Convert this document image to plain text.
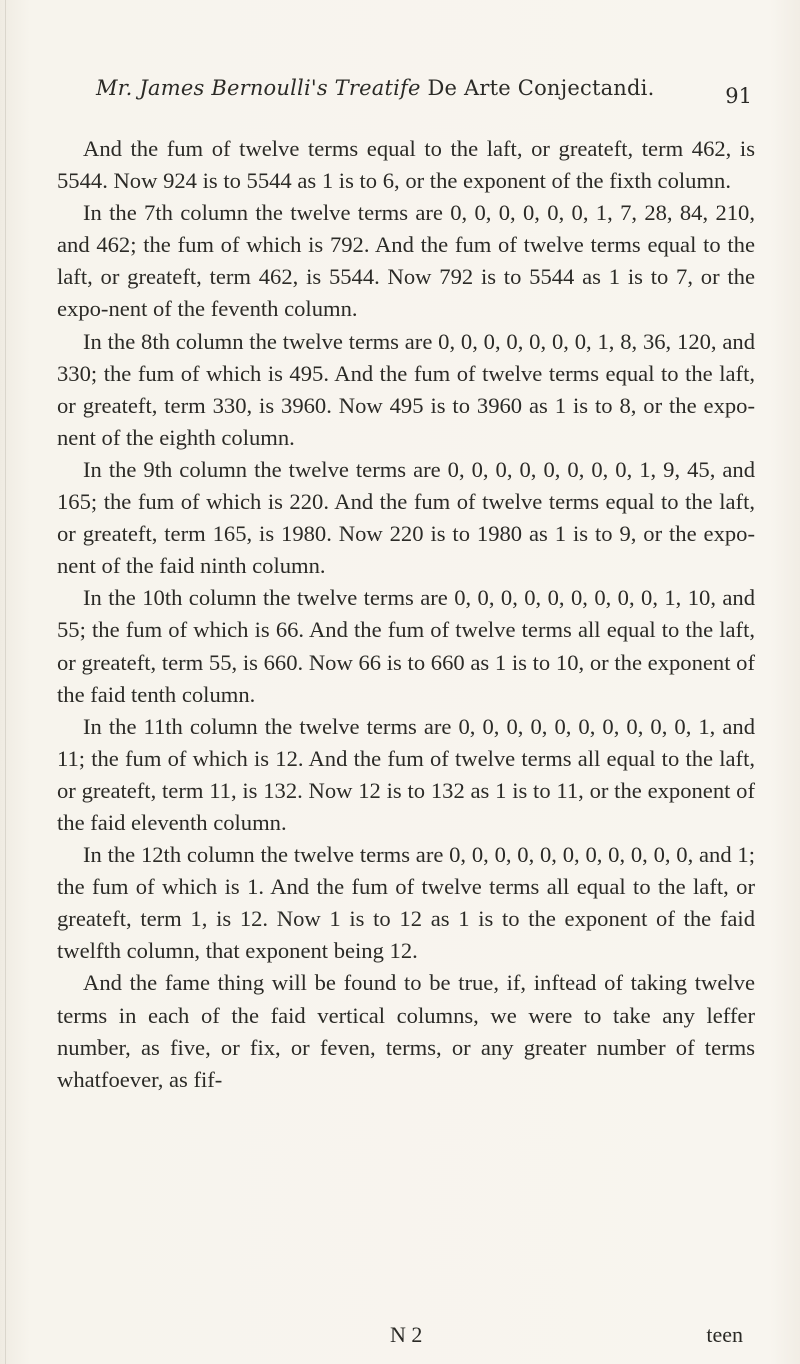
Mr. James Bernoulli's Treatife De Arte Conjectandi.	91

And the fum of twelve terms equal to the laft, or greateft, term 462, is 5544. Now 924 is to 5544 as 1 is to 6, or the exponent of the fixth column.

In the 7th column the twelve terms are 0, 0, 0, 0, 0, 0, 1, 7, 28, 84, 210, and 462; the fum of which is 792. And the fum of twelve terms equal to the laft, or greateft, term 462, is 5544. Now 792 is to 5544 as 1 is to 7, or the expo-nent of the feventh column.

In the 8th column the twelve terms are 0, 0, 0, 0, 0, 0, 0, 1, 8, 36, 120, and 330; the fum of which is 495. And the fum of twelve terms equal to the laft, or greateft, term 330, is 3960. Now 495 is to 3960 as 1 is to 8, or the expo-nent of the eighth column.

In the 9th column the twelve terms are 0, 0, 0, 0, 0, 0, 0, 0, 1, 9, 45, and 165; the fum of which is 220. And the fum of twelve terms equal to the laft, or greateft, term 165, is 1980. Now 220 is to 1980 as 1 is to 9, or the expo-nent of the faid ninth column.

In the 10th column the twelve terms are 0, 0, 0, 0, 0, 0, 0, 0, 0, 1, 10, and 55; the fum of which is 66. And the fum of twelve terms all equal to the laft, or greateft, term 55, is 660. Now 66 is to 660 as 1 is to 10, or the exponent of the faid tenth column.

In the 11th column the twelve terms are 0, 0, 0, 0, 0, 0, 0, 0, 0, 0, 1, and 11; the fum of which is 12. And the fum of twelve terms all equal to the laft, or greateft, term 11, is 132. Now 12 is to 132 as 1 is to 11, or the exponent of the faid eleventh column.

In the 12th column the twelve terms are 0, 0, 0, 0, 0, 0, 0, 0, 0, 0, 0, and 1; the fum of which is 1. And the fum of twelve terms all equal to the laft, or greateft, term 1, is 12. Now 1 is to 12 as 1 is to the exponent of the faid twelfth column, that exponent being 12.

And the fame thing will be found to be true, if, inftead of taking twelve terms in each of the faid vertical columns, we were to take any leffer number, as five, or fix, or feven, terms, or any greater number of terms whatfoever, as fif-

N 2	teen
